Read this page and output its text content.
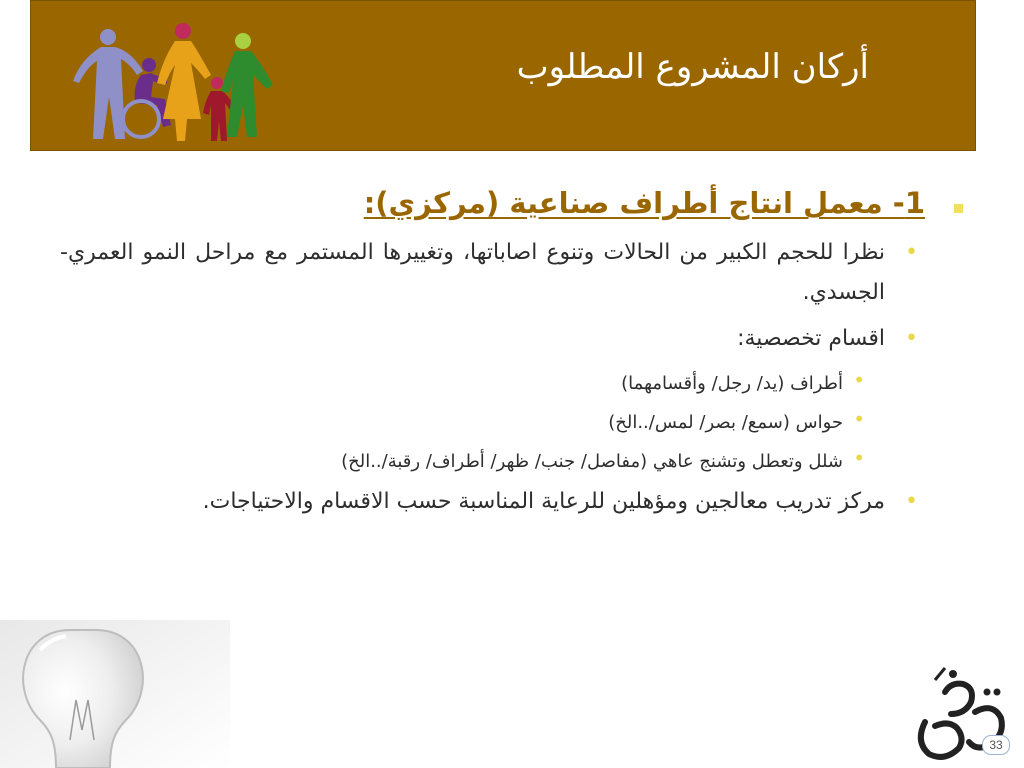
أركان المشروع المطلوب
1- معمل انتاج أطراف صناعية (مركزي):
•
نظرا للحجم الكبير من الحالات وتنوع اصاباتها، وتغييرها المستمر مع مراحل النمو العمري-الجسدي.
•
اقسام تخصصية:
•
أطراف (يد/ رجل/ وأقسامهما)
•
حواس (سمع/ بصر/ لمس/..الخ)
•
شلل وتعطل وتشنج عاهي (مفاصل/ جنب/ ظهر/ أطراف/ رقبة/..الخ)
•
مركز تدريب معالجين ومؤهلين للرعاية المناسبة حسب الاقسام والاحتياجات.
33
